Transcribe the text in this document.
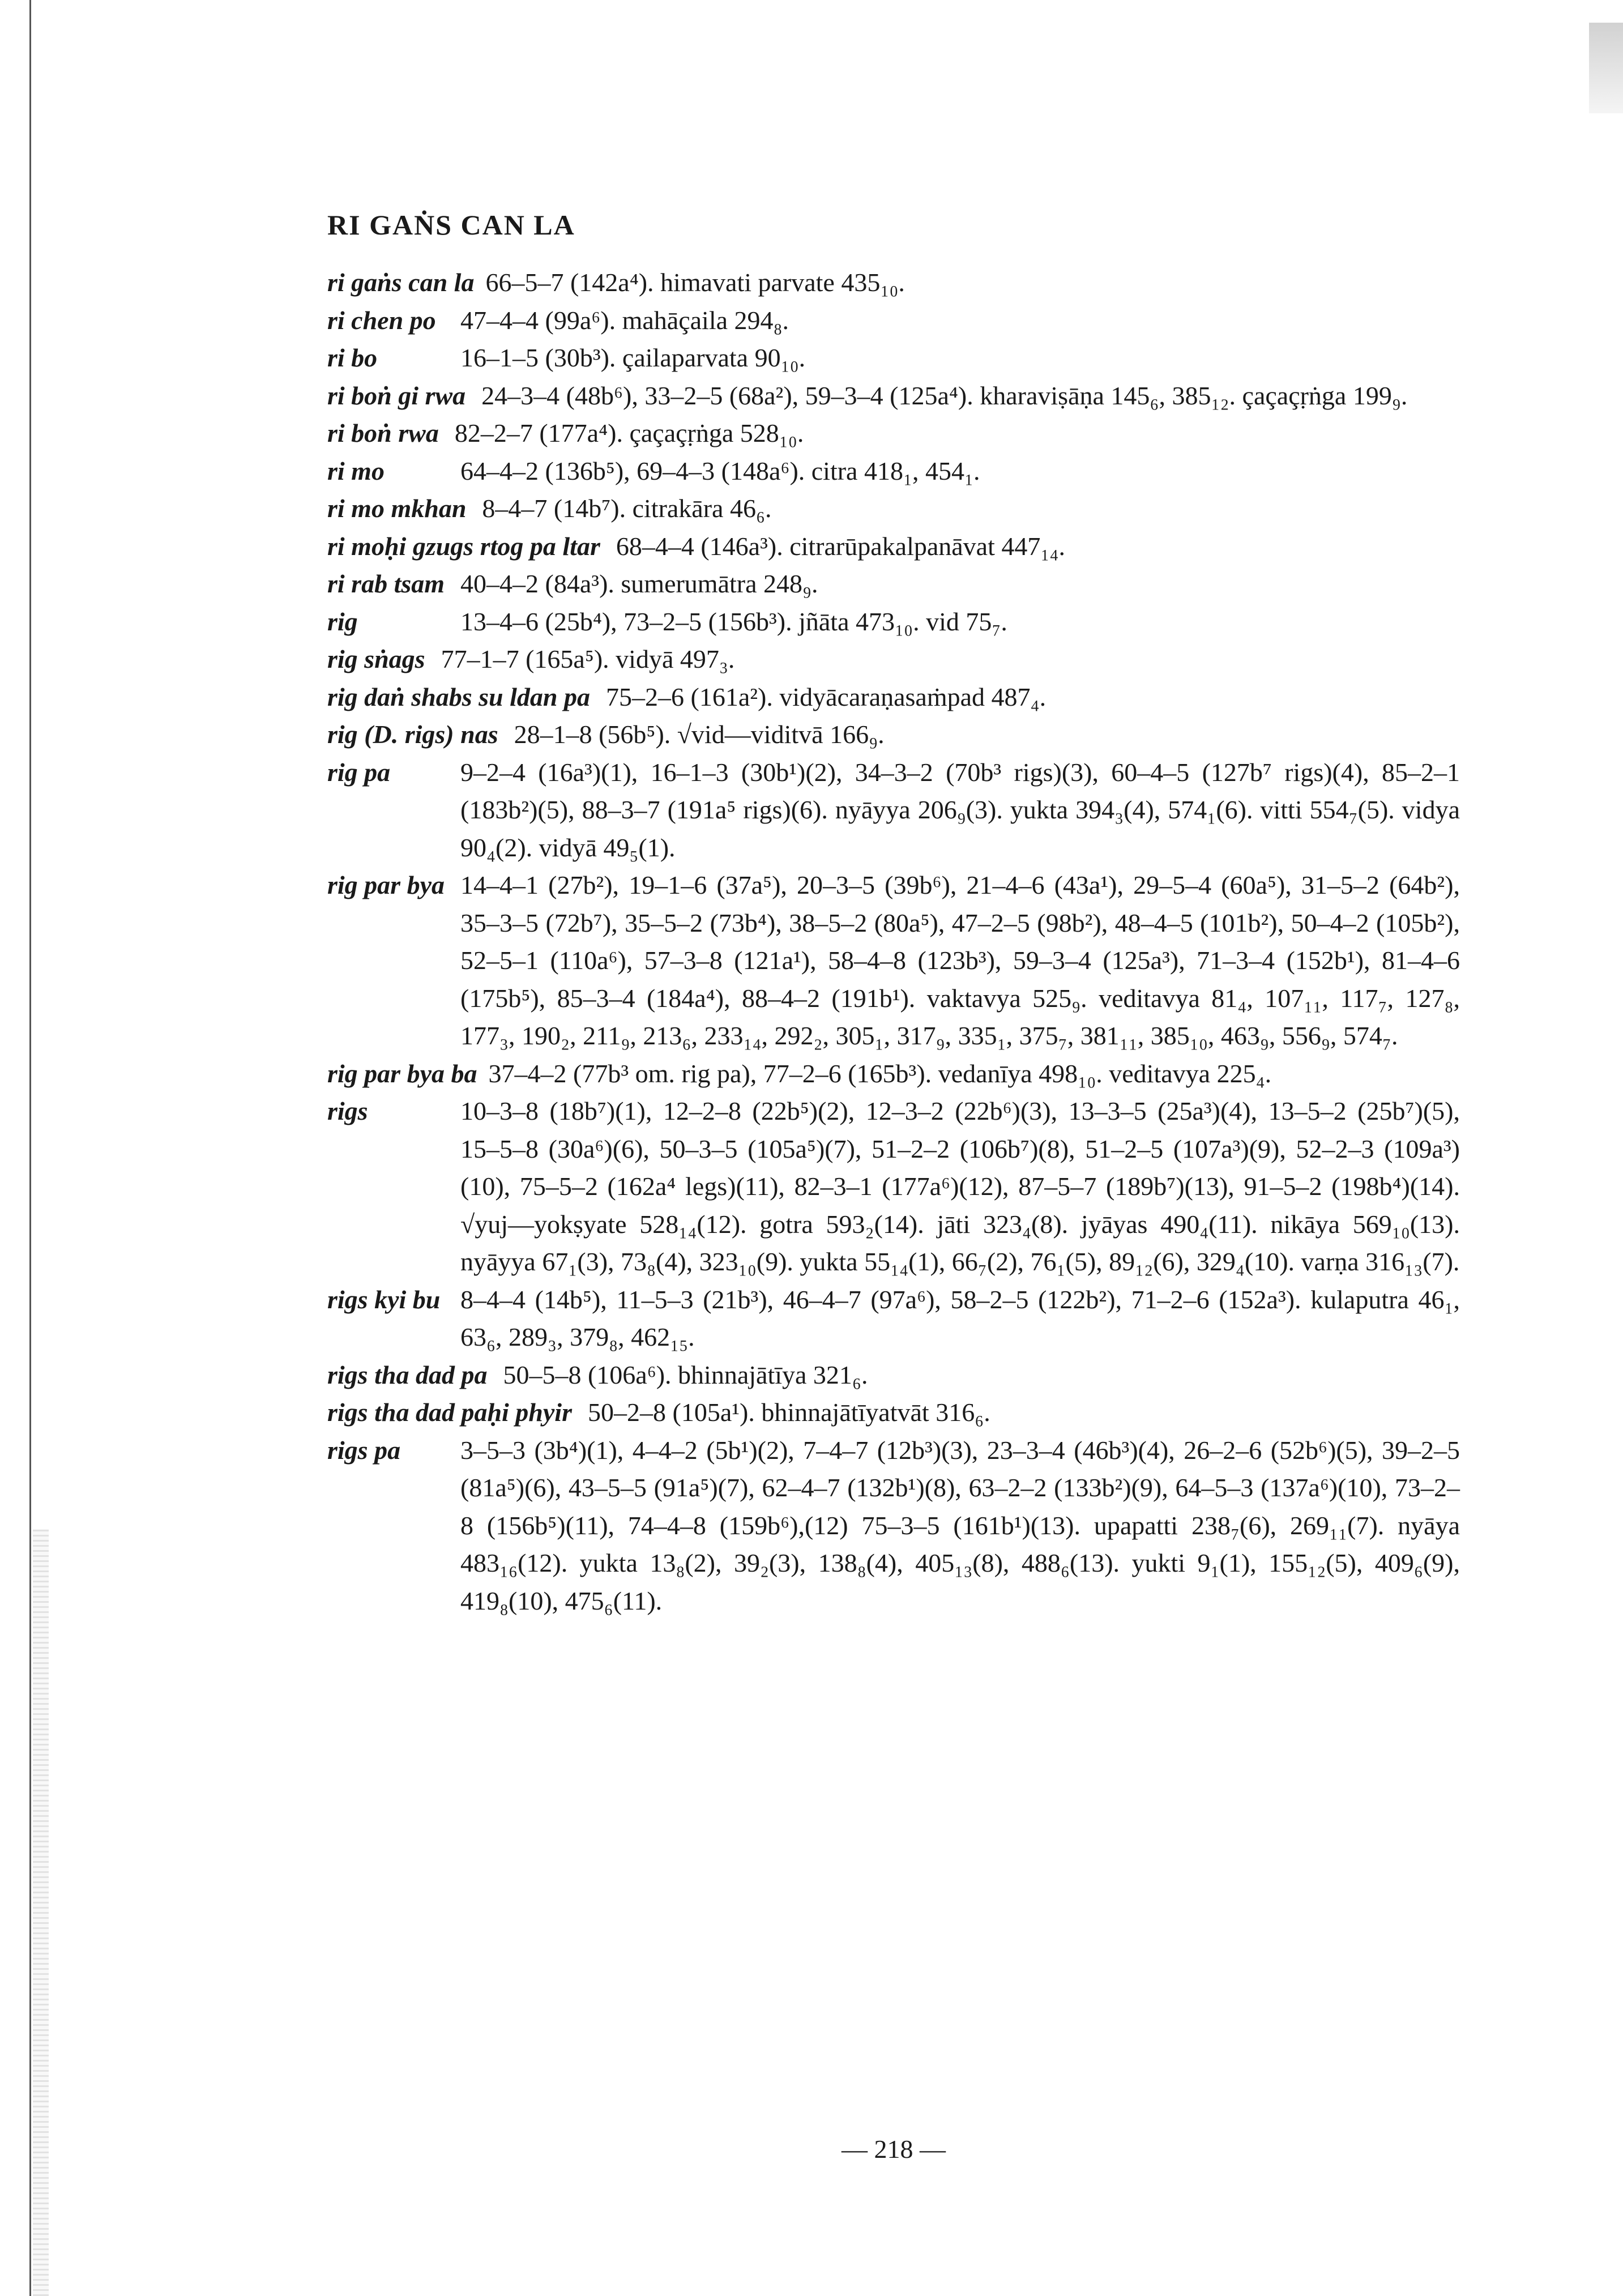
RI GAṄS CAN LA

ri gaṅs can la 66–5–7 (142a⁴). himavati parvate 435₁₀.

ri chen po 47–4–4 (99a⁶). mahāçaila 294₈.

ri bo	16–1–5 (30b³). çailaparvata 90₁₀.

ri boṅ gi rwa 24–3–4 (48b⁶), 33–2–5 (68a²), 59–3–4 (125a⁴). kharaviṣāṇa 145₆, 385₁₂. çaçaçṛṅga 199₉.

ri boṅ rwa 82–2–7 (177a⁴). çaçaçṛṅga 528₁₀.

ri mo	64–4–2 (136b⁵), 69–4–3 (148a⁶). citra 418₁, 454₁.

ri mo mkhan 8–4–7 (14b⁷). citrakāra 46₆.

ri moḥi gzugs rtog pa ltar 68–4–4 (146a³). citrarūpakalpanāvat 447₁₄.

ri rab tsam 40–4–2 (84a³). sumerumātra 248₉.

rig	13–4–6 (25b⁴), 73–2–5 (156b³). jñāta 473₁₀. vid 75₇.

rig sṅags 77–1–7 (165a⁵). vidyā 497₃.

rig daṅ shabs su ldan pa 75–2–6 (161a²). vidyācaraṇasaṁpad 487₄.

rig (D. rigs) nas 28–1–8 (56b⁵). √vid—viditvā 166₉.

rig pa	9–2–4 (16a³)(1), 16–1–3 (30b¹)(2), 34–3–2 (70b³ rigs)(3), 60–4–5 (127b⁷ rigs)(4), 85–2–1 (183b²)(5), 88–3–7 (191a⁵ rigs)(6). nyāyya 206₉(3). yukta 394₃(4), 574₁(6). vitti 554₇(5). vidya 90₄(2). vidyā 49₅(1).

rig par bya 14–4–1 (27b²), 19–1–6 (37a⁵), 20–3–5 (39b⁶), 21–4–6 (43a¹), 29–5–4 (60a⁵), 31–5–2 (64b²), 35–3–5 (72b⁷), 35–5–2 (73b⁴), 38–5–2 (80a⁵), 47–2–5 (98b²), 48–4–5 (101b²), 50–4–2 (105b²), 52–5–1 (110a⁶), 57–3–8 (121a¹), 58–4–8 (123b³), 59–3–4 (125a³), 71–3–4 (152b¹), 81–4–6 (175b⁵), 85–3–4 (184a⁴), 88–4–2 (191b¹). vaktavya 525₉. veditavya 81₄, 107₁₁, 117₇, 127₈, 177₃, 190₂, 211₉, 213₆, 233₁₄, 292₂, 305₁, 317₉, 335₁, 375₇, 381₁₁, 385₁₀, 463₉, 556₉, 574₇.

rig par bya ba 37–4–2 (77b³ om. rig pa), 77–2–6 (165b³). vedanīya 498₁₀. veditavya 225₄.

rigs	10–3–8 (18b⁷)(1), 12–2–8 (22b⁵)(2), 12–3–2 (22b⁶)(3), 13–3–5 (25a³)(4), 13–5–2 (25b⁷)(5), 15–5–8 (30a⁶)(6), 50–3–5 (105a⁵)(7), 51–2–2 (106b⁷)(8), 51–2–5 (107a³)(9), 52–2–3 (109a³)(10), 75–5–2 (162a⁴ legs)(11), 82–3–1 (177a⁶)(12), 87–5–7 (189b⁷)(13), 91–5–2 (198b⁴)(14). √yuj—yokṣyate 528₁₄(12). gotra 593₂(14). jāti 323₄(8). jyāyas 490₄(11). nikāya 569₁₀(13). nyāyya 67₁(3), 73₈(4), 323₁₀(9). yukta 55₁₄(1), 66₇(2), 76₁(5), 89₁₂(6), 329₄(10). varṇa 316₁₃(7).

rigs kyi bu 8–4–4 (14b⁵), 11–5–3 (21b³), 46–4–7 (97a⁶), 58–2–5 (122b²), 71–2–6 (152a³). kulaputra 46₁, 63₆, 289₃, 379₈, 462₁₅.

rigs tha dad pa 50–5–8 (106a⁶). bhinnajātīya 321₆.

rigs tha dad paḥi phyir 50–2–8 (105a¹). bhinnajātīyatvāt 316₆.

rigs pa 3–5–3 (3b⁴)(1), 4–4–2 (5b¹)(2), 7–4–7 (12b³)(3), 23–3–4 (46b³)(4), 26–2–6 (52b⁶)(5), 39–2–5 (81a⁵)(6), 43–5–5 (91a⁵)(7), 62–4–7 (132b¹)(8), 63–2–2 (133b²)(9), 64–5–3 (137a⁶)(10), 73–2–8 (156b⁵)(11), 74–4–8 (159b⁶),(12) 75–3–5 (161b¹)(13). upapatti 238₇(6), 269₁₁(7). nyāya 483₁₆(12). yukta 13₈(2), 39₂(3), 138₈(4), 405₁₃(8), 488₆(13). yukti 9₁(1), 155₁₂(5), 409₆(9), 419₈(10), 475₆(11).

— 218 —
